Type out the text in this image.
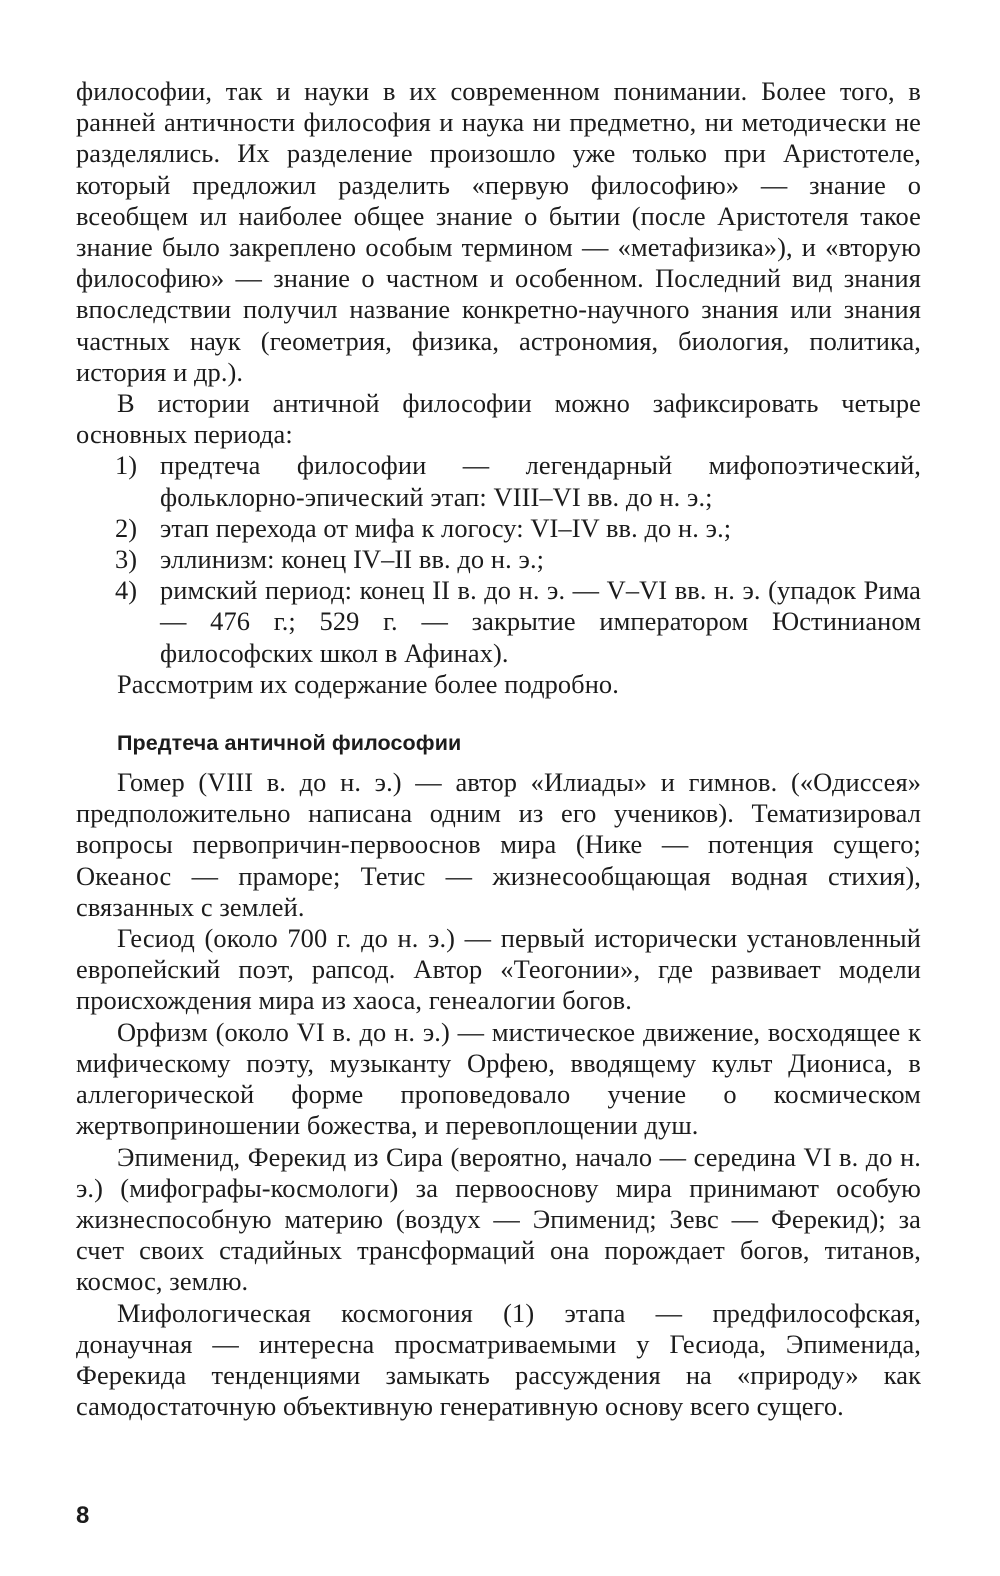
философии, так и науки в их современном понимании. Более того, в ранней античности философия и наука ни предметно, ни методически не разделялись. Их разделение произошло уже только при Аристотеле, который предложил разделить «первую философию» — знание о всеобщем ил наиболее общее знание о бытии (после Аристотеля такое знание было закреплено особым термином — «метафизика»), и «вторую философию» — знание о частном и особенном. Последний вид знания впоследствии получил название конкретно-научного знания или знания частных наук (геометрия, физика, астрономия, биология, политика, история и др.).

В истории античной философии можно зафиксировать четыре основных периода:

1) предтеча философии — легендарный мифопоэтический, фольклорно-эпический этап: VIII–VI вв. до н. э.;
2) этап перехода от мифа к логосу: VI–IV вв. до н. э.;
3) эллинизм: конец IV–II вв. до н. э.;
4) римский период: конец II в. до н. э. — V–VI вв. н. э. (упадок Рима — 476 г.; 529 г. — закрытие императором Юстинианом философских школ в Афинах).

Рассмотрим их содержание более подробно.

Предтеча античной философии

Гомер (VIII в. до н. э.) — автор «Илиады» и гимнов. («Одиссея» предположительно написана одним из его учеников). Тематизировал вопросы первопричин-первооснов мира (Нике — потенция сущего; Океанос — праморе; Тетис — жизнесообщающая водная стихия), связанных с землей.

Гесиод (около 700 г. до н. э.) — первый исторически установленный европейский поэт, рапсод. Автор «Теогонии», где развивает модели происхождения мира из хаоса, генеалогии богов.

Орфизм (около VI в. до н. э.) — мистическое движение, восходящее к мифическому поэту, музыканту Орфею, вводящему культ Диониса, в аллегорической форме проповедовало учение о космическом жертвоприношении божества, и перевоплощении душ.

Эпименид, Ферекид из Сира (вероятно, начало — середина VI в. до н. э.) (мифографы-космологи) за первооснову мира принимают особую жизнеспособную материю (воздух — Эпименид; Зевс — Ферекид); за счет своих стадийных трансформаций она порождает богов, титанов, космос, землю.

Мифологическая космогония (1) этапа — предфилософская, донаучная — интересна просматриваемыми у Гесиода, Эпименида, Ферекида тенденциями замыкать рассуждения на «природу» как самодостаточную объективную генеративную основу всего сущего.

8
